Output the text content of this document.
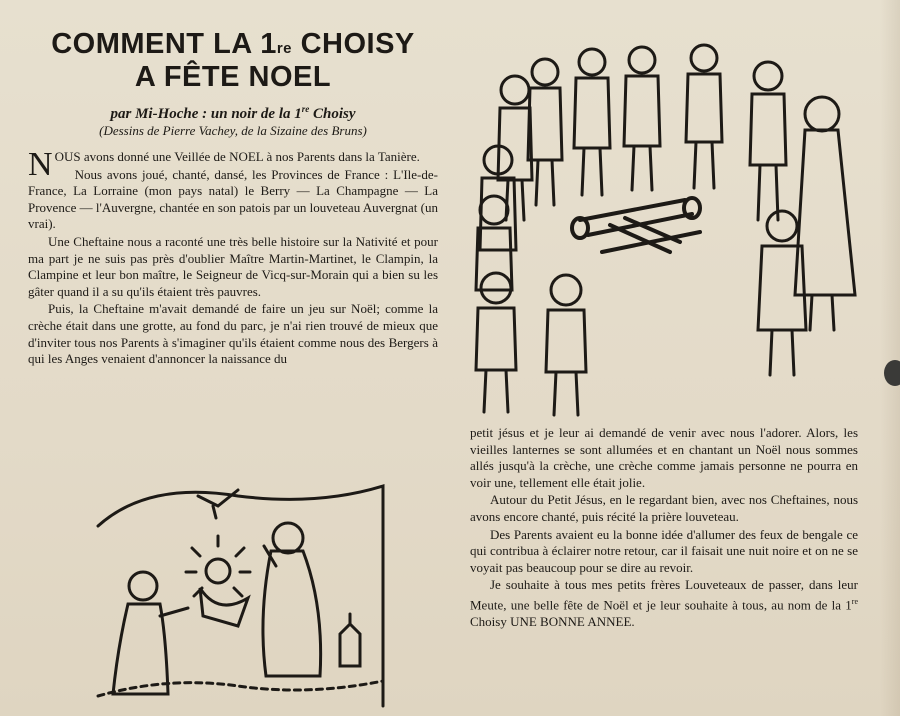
COMMENT LA 1re CHOISY
A FÊTE NOEL
par Mi-Hoche : un noir de la 1re Choisy
(Dessins de Pierre Vachey, de la Sizaine des Bruns)

NOUS avons donné une Veillée de NOEL à nos Parents dans la Tanière.

Nous avons joué, chanté, dansé, les Provinces de France : L'Ile-de-France, La Lorraine (mon pays natal) le Berry — La Champagne — La Provence — l'Auvergne, chantée en son patois par un louveteau Auvergnat (un vrai).

Une Cheftaine nous a raconté une très belle histoire sur la Nativité et pour ma part je ne suis pas près d'oublier Maître Martin-Martinet, le Clampin, la Clampine et leur bon maître, le Seigneur de Vicq-sur-Morain qui a bien su les gâter quand il a su qu'ils étaient très pauvres.

Puis, la Cheftaine m'avait demandé de faire un jeu sur Noël; comme la crèche était dans une grotte, au fond du parc, je n'ai rien trouvé de mieux que d'inviter tous nos Parents à s'imaginer qu'ils étaient comme nous des Bergers à qui les Anges venaient d'annoncer la naissance du

petit jésus et je leur ai demandé de venir avec nous l'adorer. Alors, les vieilles lanternes se sont allumées et en chantant un Noël nous sommes allés jusqu'à la crèche, une crèche comme jamais personne ne pourra en voir une, tellement elle était jolie.

Autour du Petit Jésus, en le regardant bien, avec nos Cheftaines, nous avons encore chanté, puis récité la prière louveteau.

Des Parents avaient eu la bonne idée d'allumer des feux de bengale ce qui contribua à éclairer notre retour, car il faisait une nuit noire et on ne se voyait pas beaucoup pour se dire au revoir.

Je souhaite à tous mes petits frères Louveteaux de passer, dans leur Meute, une belle fête de Noël et je leur souhaite à tous, au nom de la 1re Choisy UNE BONNE ANNEE.
